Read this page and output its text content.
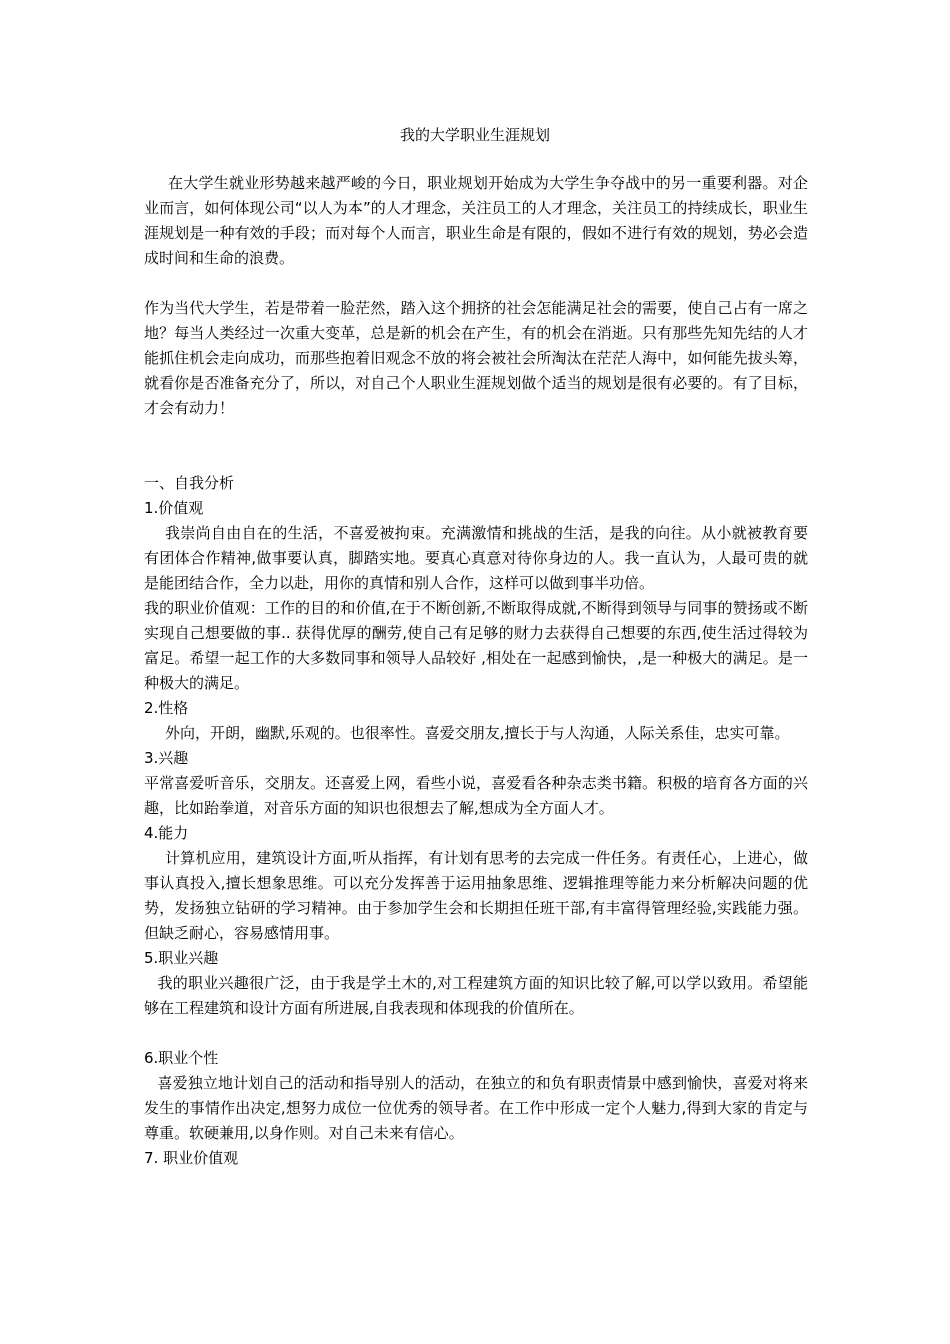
我的大学职业生涯规划

在大学生就业形势越来越严峻的今日，职业规划开始成为大学生争夺战中的另一重要利器。对企业而言，如何体现公司“以人为本”的人才理念，关注员工的人才理念，关注员工的持续成长，职业生涯规划是一种有效的手段；而对每个人而言，职业生命是有限的，假如不进行有效的规划，势必会造成时间和生命的浪费。

作为当代大学生，若是带着一脸茫然，踏入这个拥挤的社会怎能满足社会的需要，使自己占有一席之地？每当人类经过一次重大变革，总是新的机会在产生，有的机会在消逝。只有那些先知先结的人才能抓住机会走向成功，而那些抱着旧观念不放的将会被社会所淘汰在茫茫人海中，如何能先拔头筹，就看你是否准备充分了，所以，对自己个人职业生涯规划做个适当的规划是很有必要的。有了目标，才会有动力！

一、自我分析

1.价值观

我崇尚自由自在的生活，不喜爱被拘束。充满激情和挑战的生活，是我的向往。从小就被教育要有团体合作精神,做事要认真，脚踏实地。要真心真意对待你身边的人。我一直认为，人最可贵的就是能团结合作，全力以赴，用你的真情和别人合作，这样可以做到事半功倍。

我的职业价值观：工作的目的和价值,在于不断创新,不断取得成就,不断得到领导与同事的赞扬或不断实现自己想要做的事.. 获得优厚的酬劳,使自己有足够的财力去获得自己想要的东西,使生活过得较为富足。希望一起工作的大多数同事和领导人品较好 ,相处在一起感到愉快，,是一种极大的满足。是一种极大的满足。

2.性格

外向，开朗，幽默,乐观的。也很率性。喜爱交朋友,擅长于与人沟通，人际关系佳，忠实可靠。

3.兴趣

平常喜爱听音乐，交朋友。还喜爱上网，看些小说，喜爱看各种杂志类书籍。积极的培育各方面的兴趣，比如跆拳道，对音乐方面的知识也很想去了解,想成为全方面人才。

4.能力

计算机应用，建筑设计方面,听从指挥，有计划有思考的去完成一件任务。有责任心，上进心，做事认真投入,擅长想象思维。可以充分发挥善于运用抽象思维、逻辑推理等能力来分析解决问题的优势，发扬独立钻研的学习精神。由于参加学生会和长期担任班干部,有丰富得管理经验,实践能力强。但缺乏耐心，容易感情用事。

5.职业兴趣

我的职业兴趣很广泛，由于我是学土木的,对工程建筑方面的知识比较了解,可以学以致用。希望能够在工程建筑和设计方面有所进展,自我表现和体现我的价值所在。

6.职业个性

喜爱独立地计划自己的活动和指导别人的活动，在独立的和负有职责情景中感到愉快，喜爱对将来发生的事情作出决定,想努力成位一位优秀的领导者。在工作中形成一定个人魅力,得到大家的肯定与尊重。软硬兼用,以身作则。对自己未来有信心。

7. 职业价值观
